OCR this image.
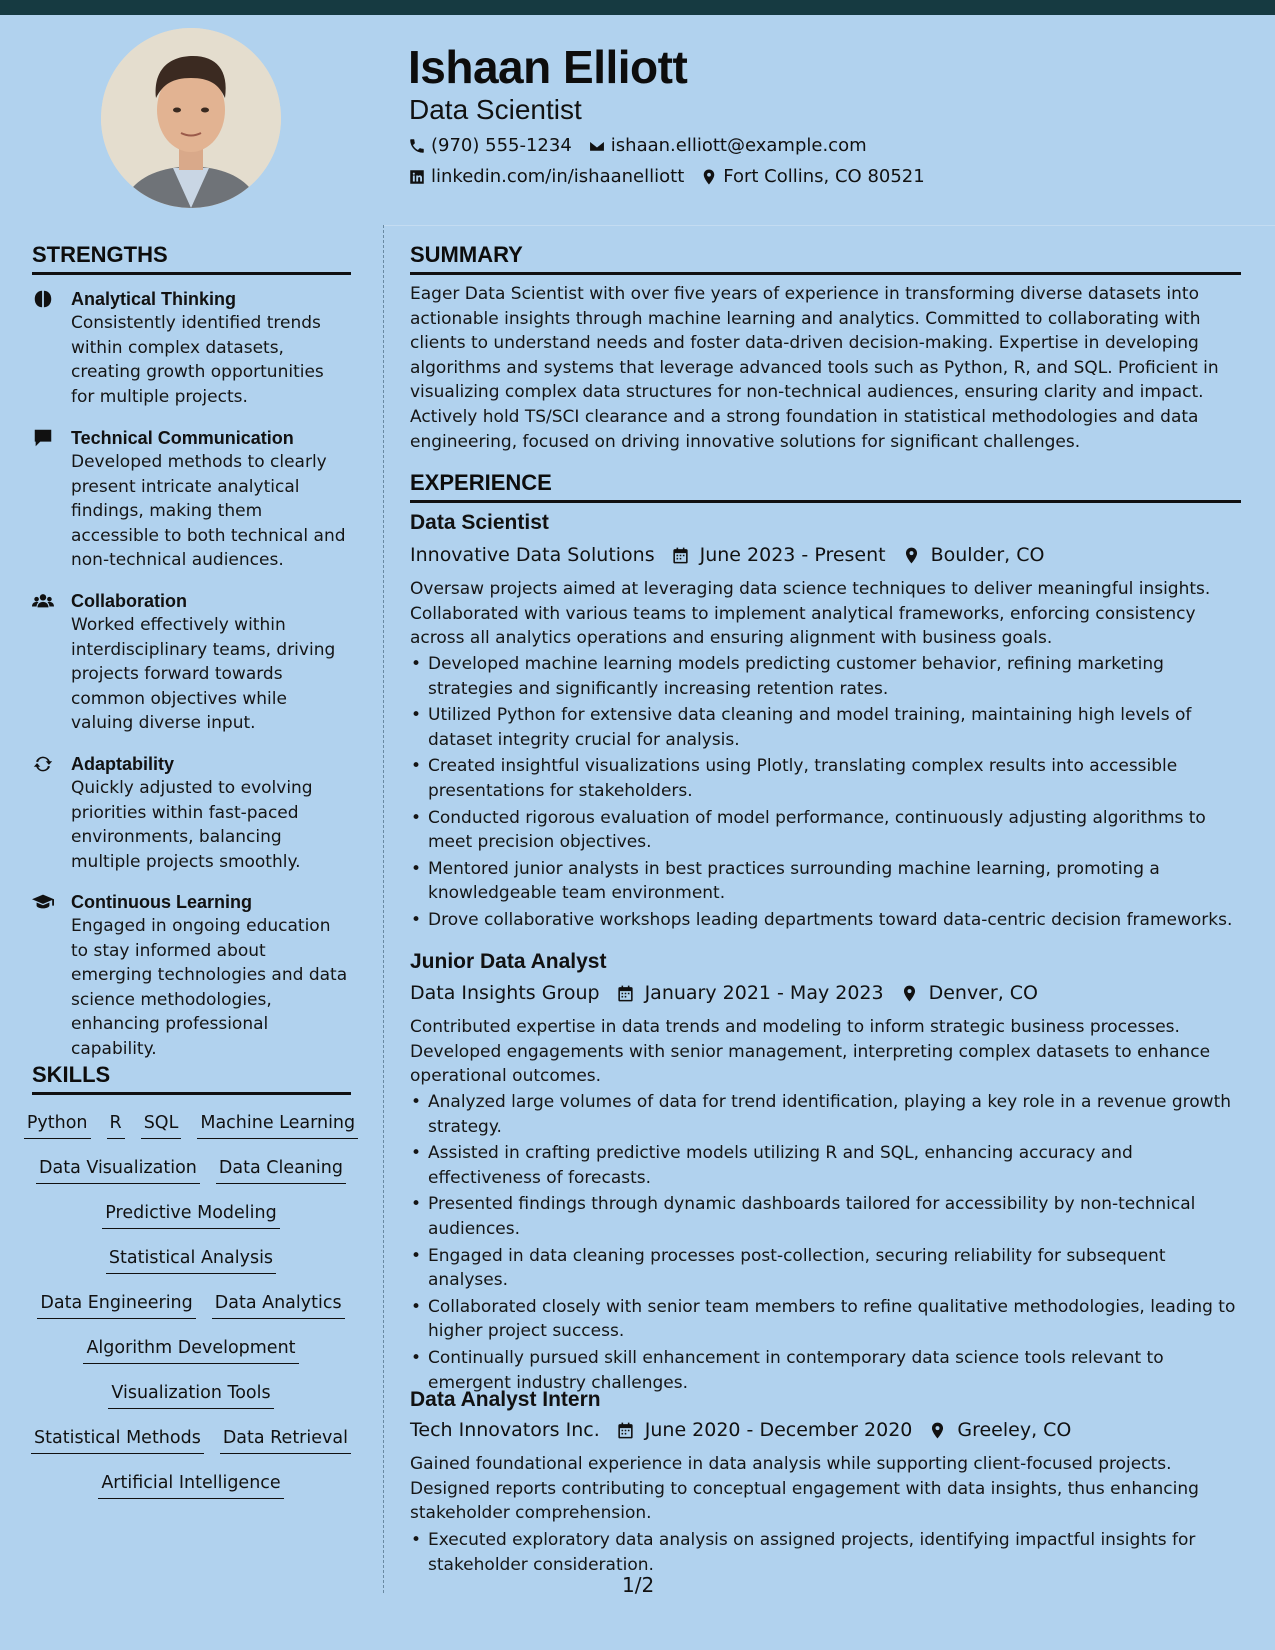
Ishaan Elliott
Data Scientist
(970) 555-1234 ishaan.elliott@example.com
linkedin.com/in/ishaanelliott Fort Collins, CO 80521
STRENGTHS
Analytical Thinking
Consistently identified trends within complex datasets, creating growth opportunities for multiple projects.
Technical Communication
Developed methods to clearly present intricate analytical findings, making them accessible to both technical and non-technical audiences.
Collaboration
Worked effectively within interdisciplinary teams, driving projects forward towards common objectives while valuing diverse input.
Adaptability
Quickly adjusted to evolving priorities within fast-paced environments, balancing multiple projects smoothly.
Continuous Learning
Engaged in ongoing education to stay informed about emerging technologies and data science methodologies, enhancing professional capability.
SKILLS
Python R SQL Machine Learning
Data Visualization Data Cleaning
Predictive Modeling
Statistical Analysis
Data Engineering Data Analytics
Algorithm Development
Visualization Tools
Statistical Methods Data Retrieval
Artificial Intelligence
SUMMARY
Eager Data Scientist with over five years of experience in transforming diverse datasets into actionable insights through machine learning and analytics. Committed to collaborating with clients to understand needs and foster data-driven decision-making. Expertise in developing algorithms and systems that leverage advanced tools such as Python, R, and SQL. Proficient in visualizing complex data structures for non-technical audiences, ensuring clarity and impact. Actively hold TS/SCI clearance and a strong foundation in statistical methodologies and data engineering, focused on driving innovative solutions for significant challenges.
EXPERIENCE
Data Scientist
Innovative Data Solutions June 2023 - Present Boulder, CO
Oversaw projects aimed at leveraging data science techniques to deliver meaningful insights. Collaborated with various teams to implement analytical frameworks, enforcing consistency across all analytics operations and ensuring alignment with business goals.
• Developed machine learning models predicting customer behavior, refining marketing strategies and significantly increasing retention rates.
• Utilized Python for extensive data cleaning and model training, maintaining high levels of dataset integrity crucial for analysis.
• Created insightful visualizations using Plotly, translating complex results into accessible presentations for stakeholders.
• Conducted rigorous evaluation of model performance, continuously adjusting algorithms to meet precision objectives.
• Mentored junior analysts in best practices surrounding machine learning, promoting a knowledgeable team environment.
• Drove collaborative workshops leading departments toward data-centric decision frameworks.
Junior Data Analyst
Data Insights Group January 2021 - May 2023 Denver, CO
Contributed expertise in data trends and modeling to inform strategic business processes. Developed engagements with senior management, interpreting complex datasets to enhance operational outcomes.
• Analyzed large volumes of data for trend identification, playing a key role in a revenue growth strategy.
• Assisted in crafting predictive models utilizing R and SQL, enhancing accuracy and effectiveness of forecasts.
• Presented findings through dynamic dashboards tailored for accessibility by non-technical audiences.
• Engaged in data cleaning processes post-collection, securing reliability for subsequent analyses.
• Collaborated closely with senior team members to refine qualitative methodologies, leading to higher project success.
• Continually pursued skill enhancement in contemporary data science tools relevant to emergent industry challenges.
Data Analyst Intern
Tech Innovators Inc. June 2020 - December 2020 Greeley, CO
Gained foundational experience in data analysis while supporting client-focused projects. Designed reports contributing to conceptual engagement with data insights, thus enhancing stakeholder comprehension.
• Executed exploratory data analysis on assigned projects, identifying impactful insights for stakeholder consideration.
1/2
